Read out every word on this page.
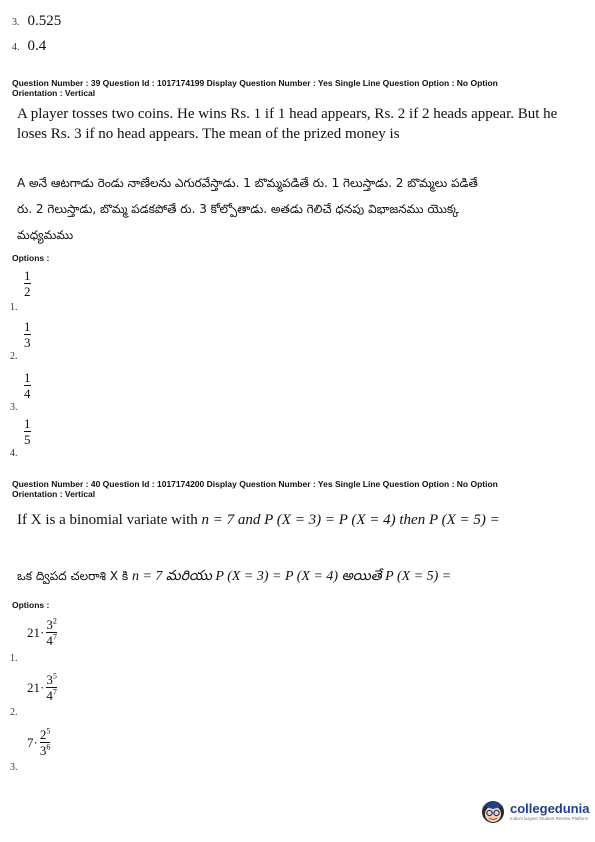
3. 0.525
4. 0.4
Question Number : 39 Question Id : 1017174199 Display Question Number : Yes Single Line Question Option : No Option
Orientation : Vertical
A player tosses two coins. He wins Rs. 1 if 1 head appears, Rs. 2 if 2 heads appear. But he
loses Rs. 3 if no head appears. The mean of the prized money is
A అనే ఆటగాడు రెండు నాణేలను ఎగురవేస్తాడు. 1 బొమ్మపడితే రు. 1 గెలుస్తాడు. 2 బొమ్మలు పడితే
రు. 2 గెలుస్తాడు, బొమ్మ పడకపోతే రు. 3 కోల్పోతాడు. అతడు గెలిచే ధనపు విభాజనము యొక్క
మధ్యమము
Options :
1.
1
2
2.
1
3
3.
1
4
4.
1
5
Question Number : 40 Question Id : 1017174200 Display Question Number : Yes Single Line Question Option : No Option
Orientation : Vertical
If X is a binomial variate with n = 7 and P (X = 3) = P (X = 4) then P (X = 5) =
ఒక ద్విపద చలరాశి X కి n = 7 మరియు P (X = 3) = P (X = 4) అయితే P (X = 5) =
Options :
1.
$21\cdot \frac{3^2}{4^7}$
2.
$21\cdot \frac{3^5}{4^7}$
3.
$7\cdot \frac{2^5}{3^6}$
collegedunia
India's largest Student Review Platform
